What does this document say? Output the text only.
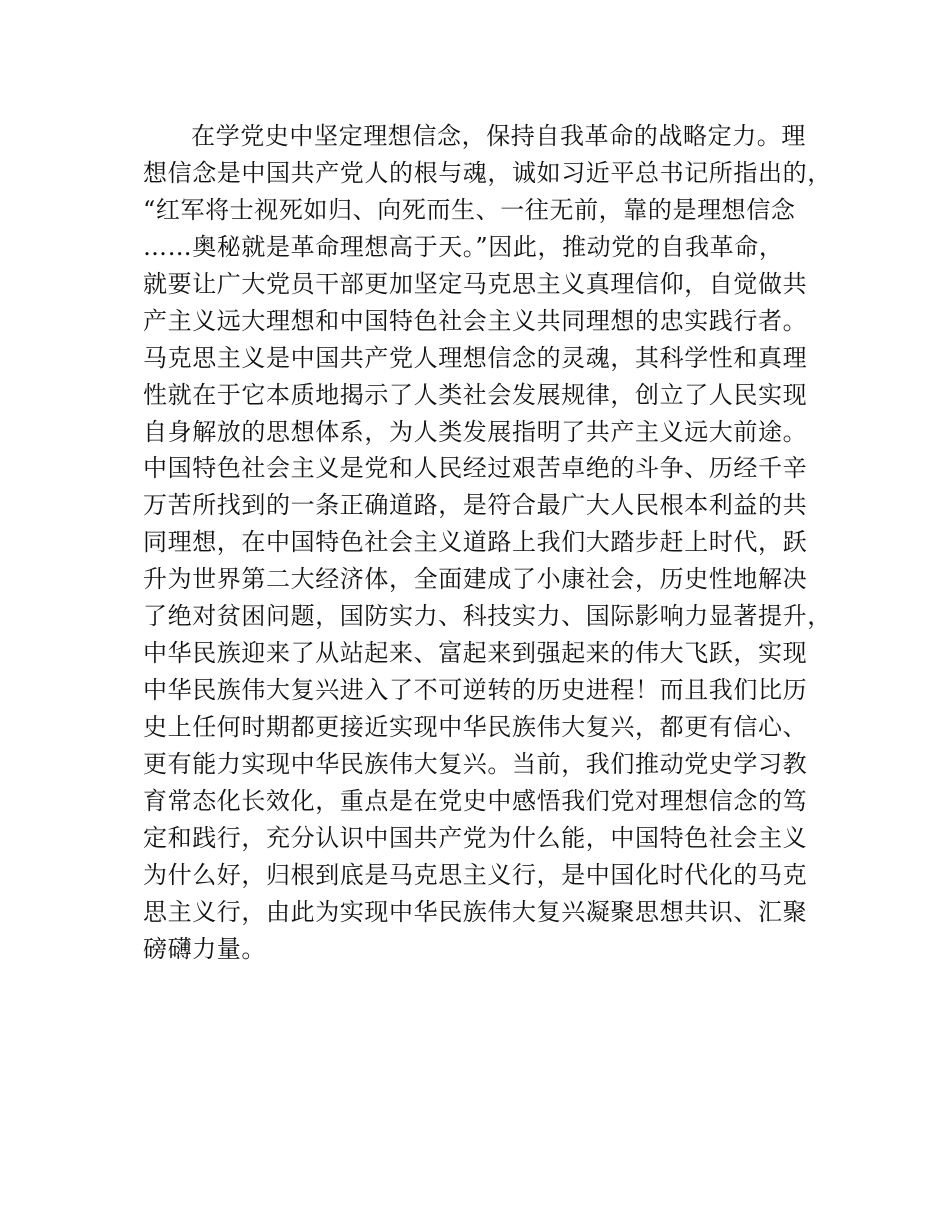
在学党史中坚定理想信念，保持自我革命的战略定力。理
想信念是中国共产党人的根与魂，诚如习近平总书记所指出的，
“红军将士视死如归、向死而生、一往无前，靠的是理想信念
……奥秘就是革命理想高于天。”因此，推动党的自我革命，
就要让广大党员干部更加坚定马克思主义真理信仰，自觉做共
产主义远大理想和中国特色社会主义共同理想的忠实践行者。
马克思主义是中国共产党人理想信念的灵魂，其科学性和真理
性就在于它本质地揭示了人类社会发展规律，创立了人民实现
自身解放的思想体系，为人类发展指明了共产主义远大前途。
中国特色社会主义是党和人民经过艰苦卓绝的斗争、历经千辛
万苦所找到的一条正确道路，是符合最广大人民根本利益的共
同理想，在中国特色社会主义道路上我们大踏步赶上时代，跃
升为世界第二大经济体，全面建成了小康社会，历史性地解决
了绝对贫困问题，国防实力、科技实力、国际影响力显著提升，
中华民族迎来了从站起来、富起来到强起来的伟大飞跃，实现
中华民族伟大复兴进入了不可逆转的历史进程！而且我们比历
史上任何时期都更接近实现中华民族伟大复兴，都更有信心、
更有能力实现中华民族伟大复兴。当前，我们推动党史学习教
育常态化长效化，重点是在党史中感悟我们党对理想信念的笃
定和践行，充分认识中国共产党为什么能，中国特色社会主义
为什么好，归根到底是马克思主义行，是中国化时代化的马克
思主义行，由此为实现中华民族伟大复兴凝聚思想共识、汇聚
磅礴力量。
